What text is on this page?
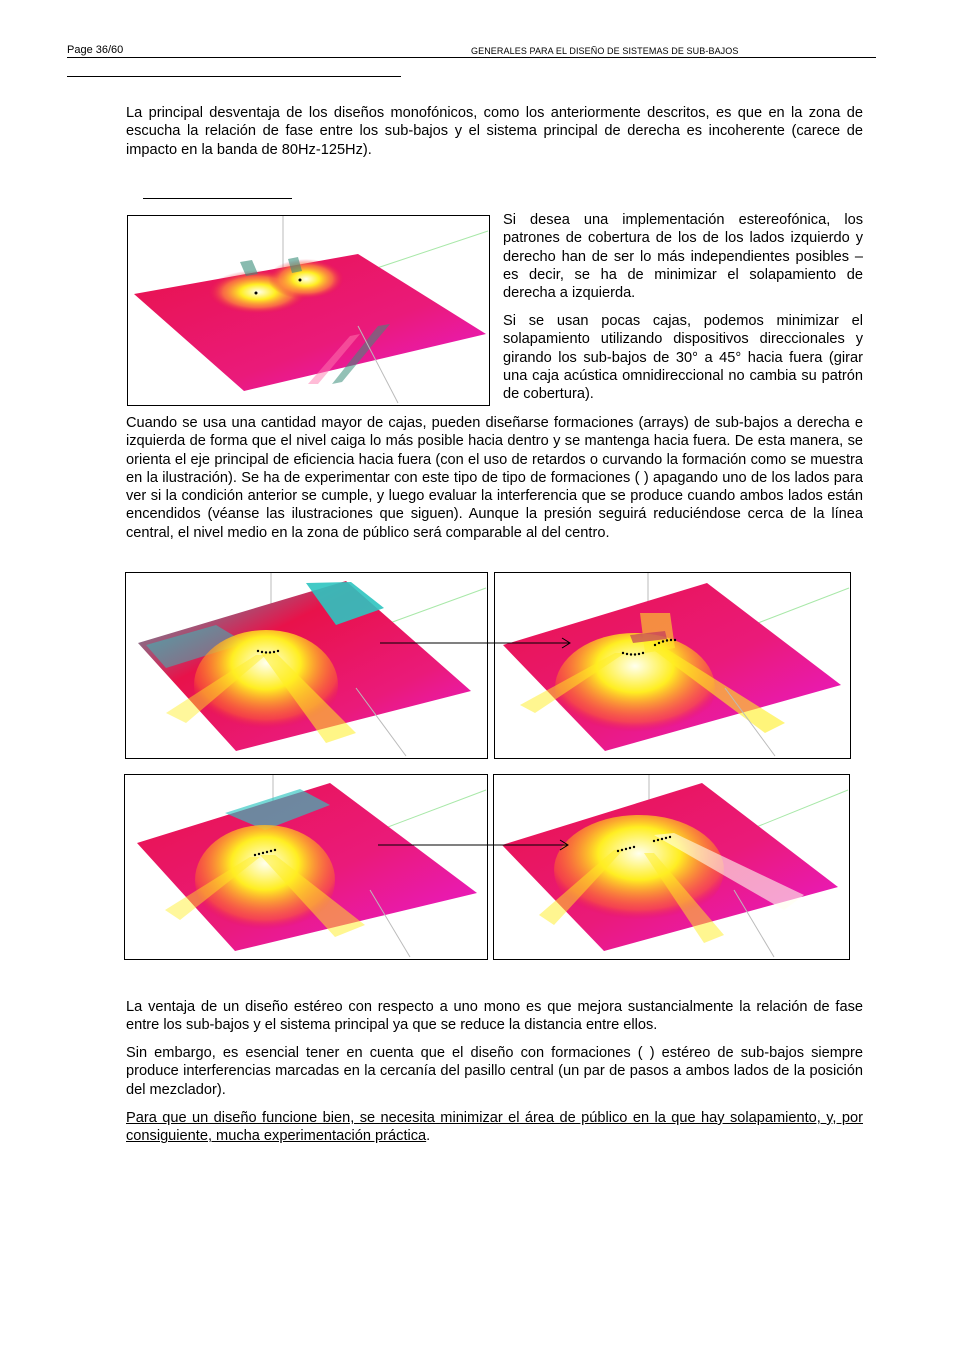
Page 36/60	GENERALES PARA EL DISEÑO DE SISTEMAS DE SUB-BAJOS

La principal desventaja de los diseños monofónicos, como los anteriormente descritos, es que en la zona de escucha la relación de fase entre los sub-bajos y el sistema principal de derecha es incoherente (carece de impacto en la banda de 80Hz-125Hz).

Si desea una implementación estereofónica, los patrones de cobertura de los de los lados izquierdo y derecho han de ser lo más independientes posibles – es decir, se ha de minimizar el solapamiento de derecha a izquierda.

Si se usan pocas cajas, podemos minimizar el solapamiento utilizando dispositivos direccionales y girando los sub-bajos de 30° a 45° hacia fuera (girar una caja acústica omnidireccional no cambia su patrón de cobertura).

Cuando se usa una cantidad mayor de cajas, pueden diseñarse formaciones (arrays) de sub-bajos a derecha e izquierda de forma que el nivel caiga lo más posible hacia dentro y se mantenga hacia fuera. De esta manera, se orienta el eje principal de eficiencia hacia fuera (con el uso de retardos o curvando la formación como se muestra en la ilustración). Se ha de experimentar con este tipo de tipo de formaciones ( ) apagando uno de los lados para ver si la condición anterior se cumple, y luego evaluar la interferencia que se produce cuando ambos lados están encendidos (véanse las ilustraciones que siguen). Aunque la presión seguirá reduciéndose cerca de la línea central, el nivel medio en la zona de público será comparable al del centro.

La ventaja de un diseño estéreo con respecto a uno mono es que mejora sustancialmente la relación de fase entre los sub-bajos y el sistema principal ya que se reduce la distancia entre ellos.

Sin embargo, es esencial tener en cuenta que el diseño con formaciones ( ) estéreo de sub-bajos siempre produce interferencias marcadas en la cercanía del pasillo central (un par de pasos a ambos lados de la posición del mezclador).

Para que un diseño funcione bien, se necesita minimizar el área de público en la que hay solapamiento, y, por consiguiente, mucha experimentación práctica.
